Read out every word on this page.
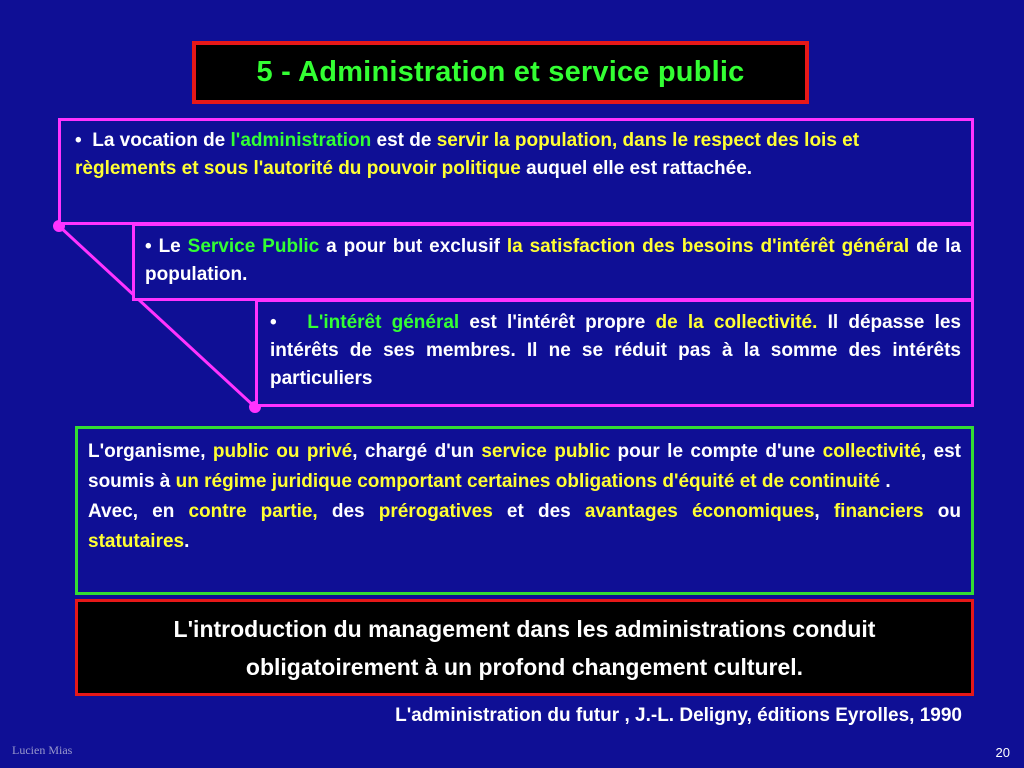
5 - Administration et service public
• La vocation de l'administration est de servir la population, dans le respect des lois et règlements et sous l'autorité du pouvoir politique auquel elle est rattachée.
• Le Service Public a pour but exclusif la satisfaction des besoins d'intérêt général de la population.
• L'intérêt général est l'intérêt propre de la collectivité. Il dépasse les intérêts de ses membres. Il ne se réduit pas à la somme des intérêts particuliers
L'organisme, public ou privé, chargé d'un service public pour le compte d'une collectivité, est soumis à un régime juridique comportant certaines obligations d'équité et de continuité .
Avec, en contre partie, des prérogatives et des avantages économiques, financiers ou statutaires.
L'introduction du management dans les administrations conduit obligatoirement à un profond changement culturel.
L'administration du futur , J.-L. Deligny, éditions Eyrolles, 1990
Lucien Mias	20
